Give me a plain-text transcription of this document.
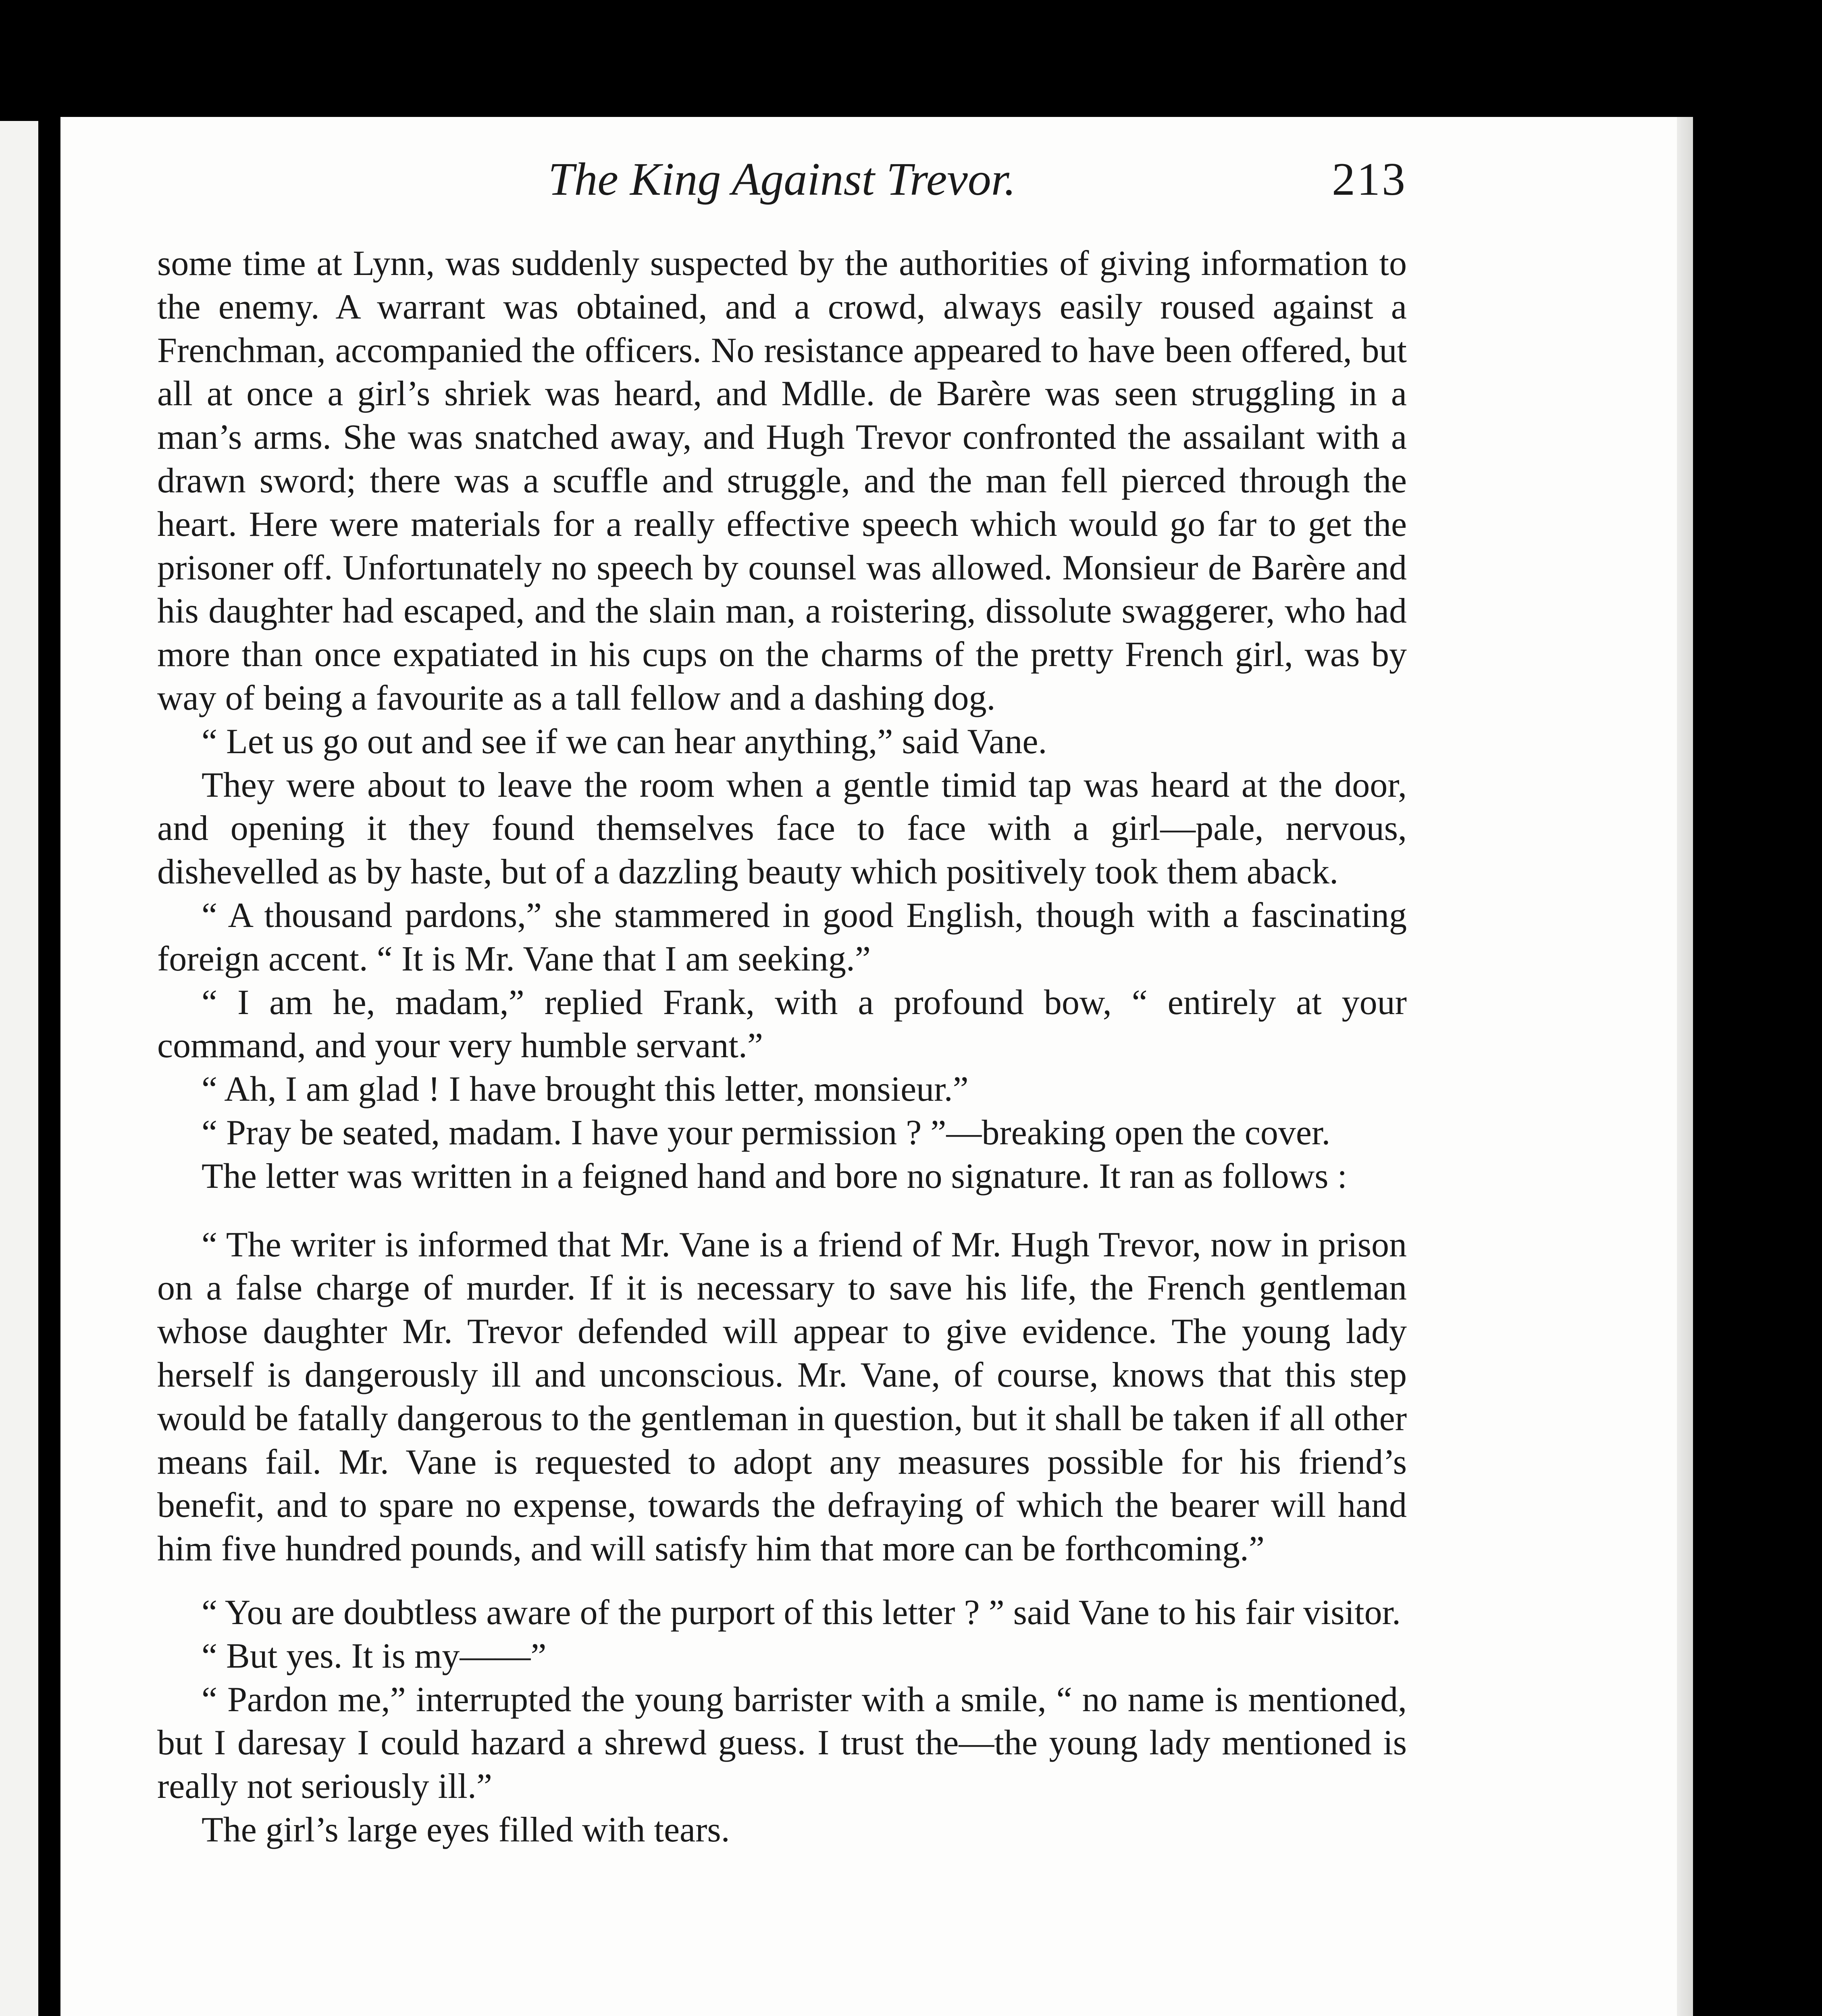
The King Against Trevor.	213

some time at Lynn, was suddenly suspected by the authorities of giving information to the enemy. A warrant was obtained, and a crowd, always easily roused against a Frenchman, accompanied the officers. No resistance appeared to have been offered, but all at once a girl’s shriek was heard, and Mdlle. de Barère was seen struggling in a man’s arms. She was snatched away, and Hugh Trevor confronted the assailant with a drawn sword; there was a scuffle and struggle, and the man fell pierced through the heart. Here were materials for a really effective speech which would go far to get the prisoner off. Unfortunately no speech by counsel was allowed. Monsieur de Barère and his daughter had escaped, and the slain man, a roistering, dissolute swaggerer, who had more than once expatiated in his cups on the charms of the pretty French girl, was by way of being a favourite as a tall fellow and a dashing dog.

“ Let us go out and see if we can hear anything,” said Vane.

They were about to leave the room when a gentle timid tap was heard at the door, and opening it they found themselves face to face with a girl—pale, nervous, dishevelled as by haste, but of a dazzling beauty which positively took them aback.

“ A thousand pardons,” she stammered in good English, though with a fascinating foreign accent. “ It is Mr. Vane that I am seeking.”

“ I am he, madam,” replied Frank, with a profound bow, “ entirely at your command, and your very humble servant.”

“ Ah, I am glad ! I have brought this letter, monsieur.”

“ Pray be seated, madam. I have your permission ? ”—breaking open the cover.

The letter was written in a feigned hand and bore no signature. It ran as follows :

“ The writer is informed that Mr. Vane is a friend of Mr. Hugh Trevor, now in prison on a false charge of murder. If it is necessary to save his life, the French gentleman whose daughter Mr. Trevor defended will appear to give evidence. The young lady herself is dangerously ill and unconscious. Mr. Vane, of course, knows that this step would be fatally dangerous to the gentleman in question, but it shall be taken if all other means fail. Mr. Vane is requested to adopt any measures possible for his friend’s benefit, and to spare no expense, towards the defraying of which the bearer will hand him five hundred pounds, and will satisfy him that more can be forthcoming.”

“ You are doubtless aware of the purport of this letter ? ” said Vane to his fair visitor.

“ But yes. It is my——”

“ Pardon me,” interrupted the young barrister with a smile, “ no name is mentioned, but I daresay I could hazard a shrewd guess. I trust the—the young lady mentioned is really not seriously ill.”

The girl’s large eyes filled with tears.
